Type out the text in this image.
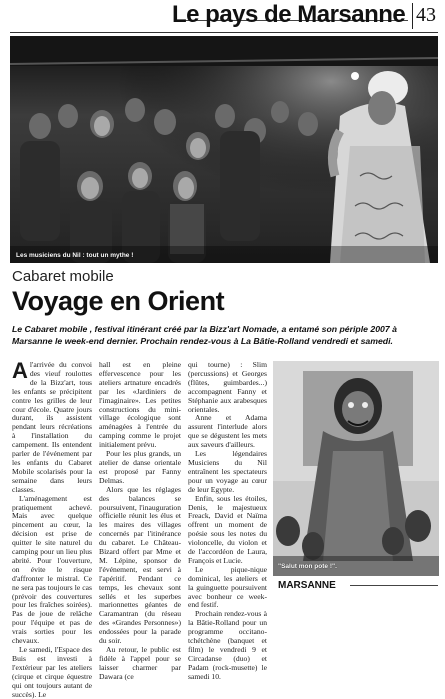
Le pays de Marsanne 43
Les musiciens du Nil : tout un mythe !
Cabaret mobile
Voyage en Orient
Le Cabaret mobile , festival itinérant créé par la Bizz'art Nomade, a entamé son périple 2007 à Marsanne le week-end dernier. Prochain rendez-vous à La Bâtie-Rolland vendredi et samedi.

Al'arrivée du convoi des vieuf roulottes de la Bizz'art, tous les enfants se précipitent contre les grilles de leur cour d'école. Quatre jours durant, ils assistent pendant leurs récréations à l'installation du campement. Ils entendent parler de l'événement par les enfants du Cabaret Mobile scolarisés pour la semaine dans leurs classes.

L'aménagement est pratiquement achevé. Mais avec quelque pincement au cœur, la décision est prise de quitter le site naturel du camping pour un lieu plus abrité. Pour l'ouverture, on évite le risque d'affronter le mistral. Ce ne sera pas toujours le cas (prévoir des couvertures pour les fraîches soirées). Pas de joue de relâche pour l'équipe et pas de vrais sorties pour les chevaux.

Le samedi, l'Espace des Buis est investi à l'extérieur par les ateliers (cirque et cirque équestre qui ont toujours autant de succès). Le

hall est en pleine effervescence pour les ateliers artnature encadrés par les «Jardiniers de l'imaginaire». Les petites constructions du mini-village écologique sont aménagées à l'entrée du camping comme le projet initialement prévu.

Pour les plus grands, un atelier de danse orientale est proposé par Fanny Delmas.

Alors que les réglages des balances se poursuivent, l'inauguration officielle réunit les élus et les maires des villages concernés par l'itinérance du cabaret. Le Château-Bizard offert par Mme et M. Lépine, sponsor de l'événement, est servi à l'apéritif. Pendant ce temps, les chevaux sont sellés et les superbes marionnettes géantes de Caramantran (du réseau des «Grandes Personnes») endossées pour la parade du soir.

Au retour, le public est fidèle à l'appel pour se laisser charmer par Dawara (ce

qui tourne) : Slim (percussions) et Georges (flûtes, guimbardes...) accompagnent Fanny et Stéphanie aux arabesques orientales.

Anne et Adama assurent l'interlude alors que se dégustent les mets aux saveurs d'ailleurs.

Les légendaires Musiciens du Nil entraînent les spectateurs pour un voyage au cœur de leur Egypte.

Enfin, sous les étoiles, Denis, le majestueux Freack, David et Naïma offrent un moment de poésie sous les notes du violoncelle, du violon et de l'accordéon de Laura, François et Lucie.

Le pique-nique dominical, les ateliers et la guinguette poursuivent avec bonheur ce week-end festif.

Prochain rendez-vous à la Bâtie-Rolland pour un programme occitano-tchétchène (banquet et film) le vendredi 9 et Circadanse (duo) et Padam (rock-musette) le samedi 10.

"Salut mon pote !".
MARSANNE
